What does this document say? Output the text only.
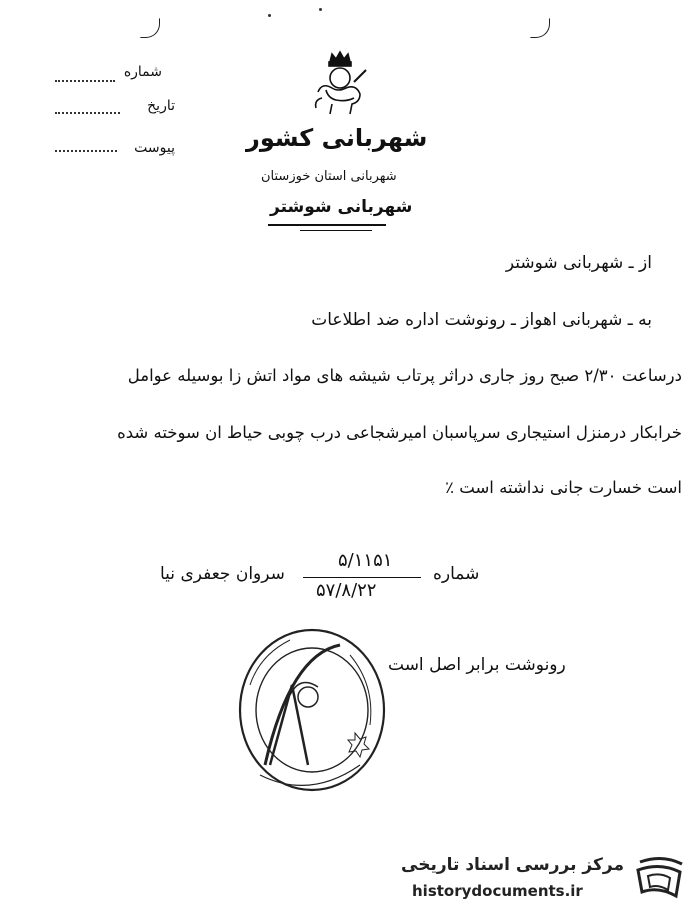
شماره
تاریخ
پیوست	شهربانی کشور
شهربانی استان خوزستان
شهربانی شوشتر
از ـ شهربانی شوشتر
به ـ شهربانی اهواز ـ رونوشت اداره ضد اطلاعات
درساعت ۲/۳۰ صبح روز جاری دراثر پرتاب شیشه های مواد اتش زا بوسیله عوامل
خرابکار درمنزل استیجاری سرپاسبان امیرشجاعی درب چوبی حیاط ان سوخته شده
است خسارت جانی نداشته است ٪
شماره
۵/۱۱۵۱
۵۷/۸/۲۲
سروان جعفری نیا
رونوشت برابر اصل است
مرکز بررسی اسناد تاریخی
historydocuments.ir
